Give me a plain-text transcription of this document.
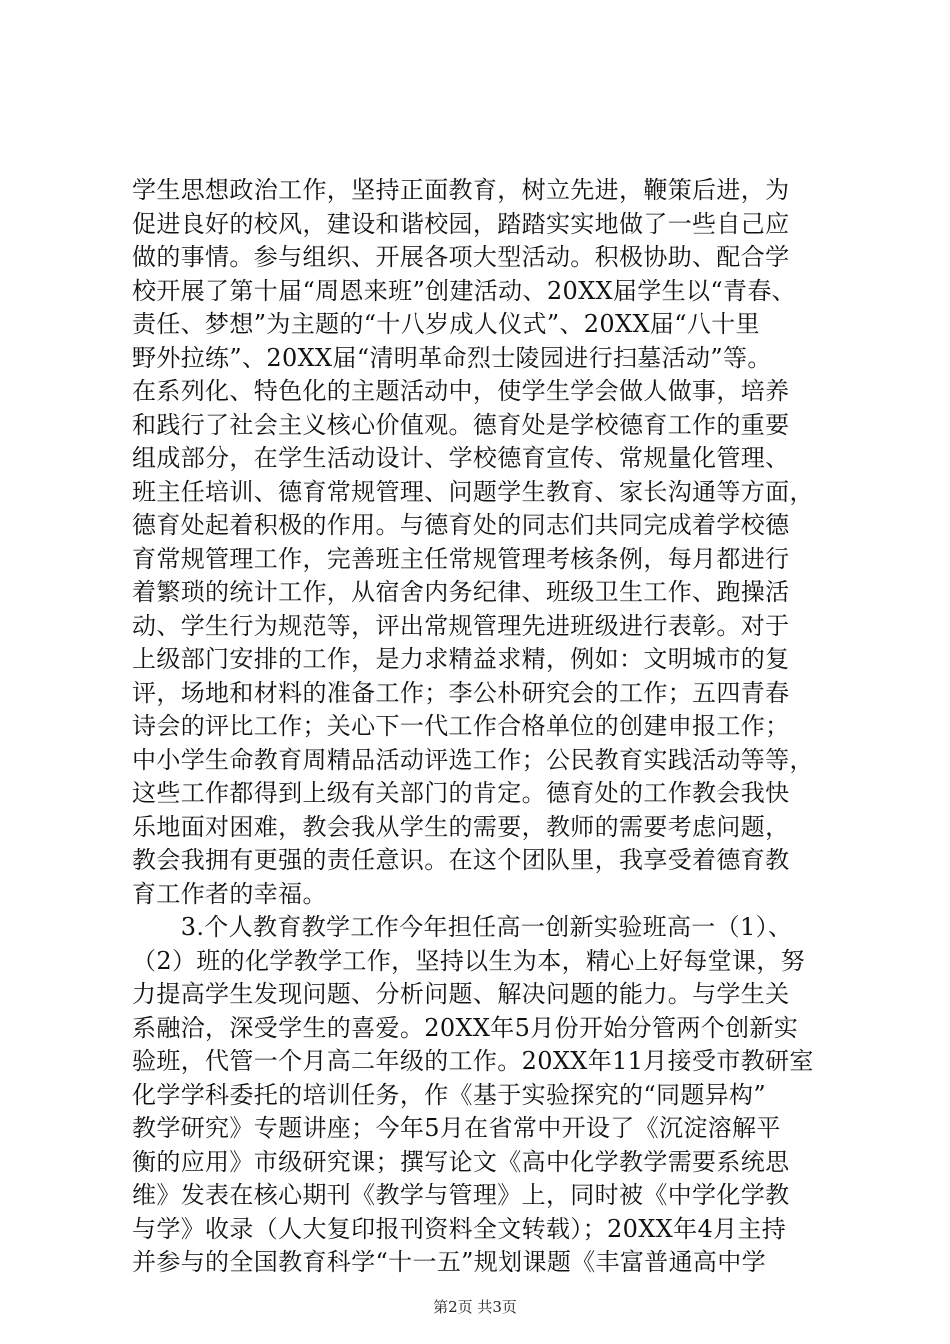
学生思想政治工作，坚持正面教育，树立先进，鞭策后进，为
促进良好的校风，建设和谐校园，踏踏实实地做了一些自己应
做的事情。参与组织、开展各项大型活动。积极协助、配合学
校开展了第十届“周恩来班”创建活动、20XX届学生以“青春、
责任、梦想”为主题的“十八岁成人仪式”、20XX届“八十里
野外拉练”、20XX届“清明革命烈士陵园进行扫墓活动”等。
在系列化、特色化的主题活动中，使学生学会做人做事，培养
和践行了社会主义核心价值观。德育处是学校德育工作的重要
组成部分，在学生活动设计、学校德育宣传、常规量化管理、
班主任培训、德育常规管理、问题学生教育、家长沟通等方面，
德育处起着积极的作用。与德育处的同志们共同完成着学校德
育常规管理工作，完善班主任常规管理考核条例，每月都进行
着繁琐的统计工作，从宿舍内务纪律、班级卫生工作、跑操活
动、学生行为规范等，评出常规管理先进班级进行表彰。对于
上级部门安排的工作，是力求精益求精，例如：文明城市的复
评，场地和材料的准备工作；李公朴研究会的工作；五四青春
诗会的评比工作；关心下一代工作合格单位的创建申报工作；
中小学生命教育周精品活动评选工作；公民教育实践活动等等，
这些工作都得到上级有关部门的肯定。德育处的工作教会我快
乐地面对困难，教会我从学生的需要，教师的需要考虑问题，
教会我拥有更强的责任意识。在这个团队里，我享受着德育教
育工作者的幸福。
　　3.个人教育教学工作今年担任高一创新实验班高一（1）、
（2）班的化学教学工作，坚持以生为本，精心上好每堂课，努
力提高学生发现问题、分析问题、解决问题的能力。与学生关
系融洽，深受学生的喜爱。20XX年5月份开始分管两个创新实
验班，代管一个月高二年级的工作。20XX年11月接受市教研室
化学学科委托的培训任务，作《基于实验探究的“同题异构”
教学研究》专题讲座；今年5月在省常中开设了《沉淀溶解平
衡的应用》市级研究课；撰写论文《高中化学教学需要系统思
维》发表在核心期刊《教学与管理》上，同时被《中学化学教
与学》收录（人大复印报刊资料全文转载）；20XX年4月主持
并参与的全国教育科学“十一五”规划课题《丰富普通高中学
第2页 共3页
